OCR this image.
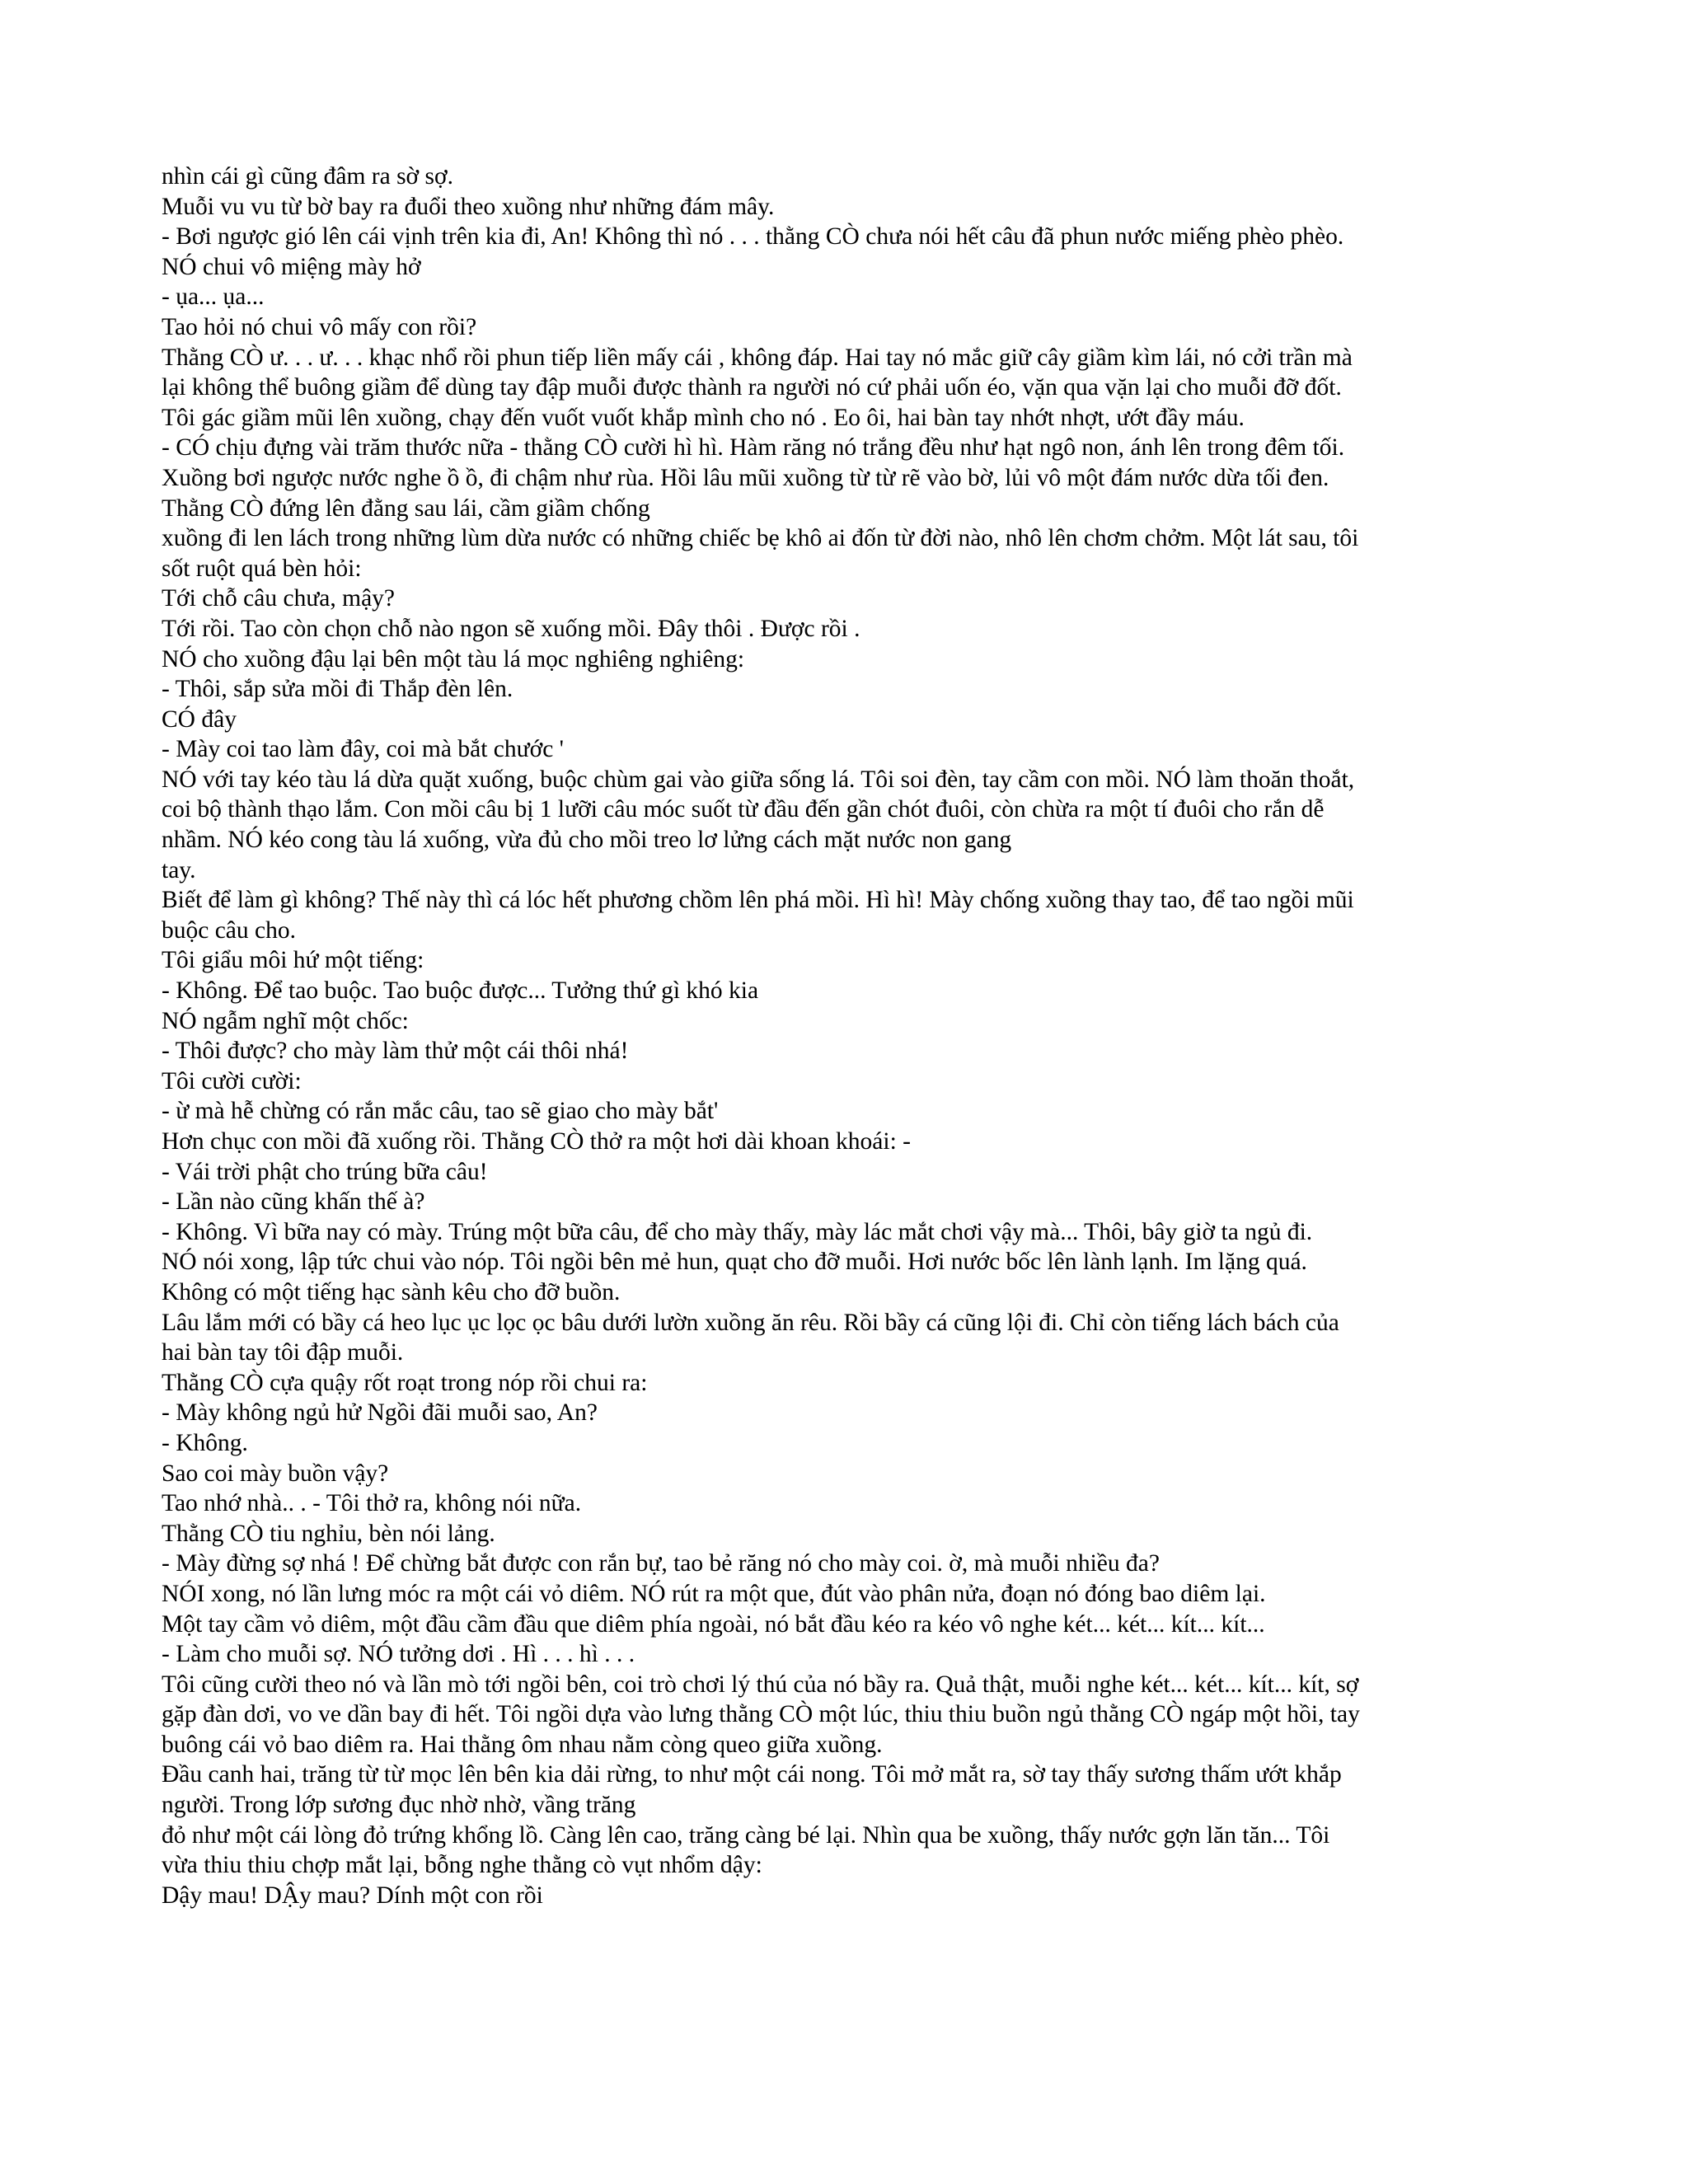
nhìn cái gì cũng đâm ra sờ sợ.
Muỗi vu vu từ bờ bay ra đuổi theo xuồng như những đám mây.
- Bơi ngược gió lên cái vịnh trên kia đi, An! Không thì nó . . . thằng CÒ chưa nói hết câu đã phun nước miếng phèo phèo.
NÓ chui vô miệng mày hở
- ụa... ụa...
Tao hỏi nó chui vô mấy con rồi?
Thằng CÒ ư. . . ư. . . khạc nhổ rồi phun tiếp liền mấy cái , không đáp. Hai tay nó mắc giữ cây giầm kìm lái, nó cởi trần mà
lại không thể buông giầm để dùng tay đập muỗi được thành ra người nó cứ phải uốn éo, vặn qua vặn lại cho muỗi đỡ đốt.
Tôi gác giầm mũi lên xuồng, chạy đến vuốt vuốt khắp mình cho nó . Eo ôi, hai bàn tay nhớt nhợt, ướt đầy máu.
- CÓ chịu đựng vài trăm thước nữa - thằng CÒ cười hì hì. Hàm răng nó trắng đều như hạt ngô non, ánh lên trong đêm tối.
Xuồng bơi ngược nước nghe ồ ồ, đi chậm như rùa. Hồi lâu mũi xuồng từ từ rẽ vào bờ, lủi vô một đám nước dừa tối đen.
Thằng CÒ đứng lên đằng sau lái, cầm giầm chống
xuồng đi len lách trong những lùm dừa nước có những chiếc bẹ khô ai đốn từ đời nào, nhô lên chơm chởm. Một lát sau, tôi
sốt ruột quá bèn hỏi:
Tới chỗ câu chưa, mậy?
Tới rồi. Tao còn chọn chỗ nào ngon sẽ xuống mồi. Đây thôi . Được rồi .
NÓ cho xuồng đậu lại bên một tàu lá mọc nghiêng nghiêng:
- Thôi, sắp sửa mồi đi Thắp đèn lên.
CÓ đây
- Mày coi tao làm đây, coi mà bắt chước '
NÓ với tay kéo tàu lá dừa quặt xuống, buộc chùm gai vào giữa sống lá. Tôi soi đèn, tay cầm con mồi. NÓ làm thoăn thoắt,
coi bộ thành thạo lắm. Con mồi câu bị 1 lưỡi câu móc suốt từ đầu đến gần chót đuôi, còn chừa ra một tí đuôi cho rắn dễ
nhầm. NÓ kéo cong tàu lá xuống, vừa đủ cho mồi treo lơ lửng cách mặt nước non gang
tay.
Biết để làm gì không? Thế này thì cá lóc hết phương chồm lên phá mồi. Hì hì! Mày chống xuồng thay tao, để tao ngồi mũi
buộc câu cho.
Tôi giẩu môi hứ một tiếng:
- Không. Để tao buộc. Tao buộc được... Tưởng thứ gì khó kia
NÓ ngẫm nghĩ một chốc:
- Thôi được? cho mày làm thử một cái thôi nhá!
Tôi cười cười:
- ừ mà hễ chừng có rắn mắc câu, tao sẽ giao cho mày bắt'
Hơn chục con mồi đã xuống rồi. Thằng CÒ thở ra một hơi dài khoan khoái: -
- Vái trời phật cho trúng bữa câu!
- Lần nào cũng khấn thế à?
- Không. Vì bữa nay có mày. Trúng một bữa câu, để cho mày thấy, mày lác mắt chơi vậy mà... Thôi, bây giờ ta ngủ đi.
NÓ nói xong, lập tức chui vào nóp. Tôi ngồi bên mẻ hun, quạt cho đỡ muỗi. Hơi nước bốc lên lành lạnh. Im lặng quá.
Không có một tiếng hạc sành kêu cho đỡ buồn.
Lâu lắm mới có bầy cá heo lục ục lọc ọc bâu dưới lườn xuồng ăn rêu. Rồi bầy cá cũng lội đi. Chỉ còn tiếng lách bách của
hai bàn tay tôi đập muỗi.
Thằng CÒ cựa quậy rốt roạt trong nóp rồi chui ra:
- Mày không ngủ hử Ngồi đãi muỗi sao, An?
- Không.
Sao coi mày buồn vậy?
Tao nhớ nhà.. . - Tôi thở ra, không nói nữa.
Thằng CÒ tiu nghỉu, bèn nói lảng.
- Mày đừng sợ nhá ! Để chừng bắt được con rắn bự, tao bẻ răng nó cho mày coi. ờ, mà muỗi nhiều đa?
NÓI xong, nó lần lưng móc ra một cái vỏ diêm. NÓ rút ra một que, đút vào phân nửa, đoạn nó đóng bao diêm lại.
Một tay cầm vỏ diêm, một đầu cầm đầu que diêm phía ngoài, nó bắt đầu kéo ra kéo vô nghe két... két... kít... kít...
- Làm cho muỗi sợ. NÓ tưởng dơi . Hì . . . hì . . .
Tôi cũng cười theo nó và lần mò tới ngồi bên, coi trò chơi lý thú của nó bầy ra. Quả thật, muỗi nghe két... két... kít... kít, sợ
gặp đàn dơi, vo ve dần bay đi hết. Tôi ngồi dựa vào lưng thằng CÒ một lúc, thiu thiu buồn ngủ thằng CÒ ngáp một hồi, tay
buông cái vỏ bao diêm ra. Hai thằng ôm nhau nằm còng queo giữa xuồng.
Đầu canh hai, trăng từ từ mọc lên bên kia dải rừng, to như một cái nong. Tôi mở mắt ra, sờ tay thấy sương thấm ướt khắp
người. Trong lớp sương đục nhờ nhờ, vầng trăng
đỏ như một cái lòng đỏ trứng khổng lồ. Càng lên cao, trăng càng bé lại. Nhìn qua be xuồng, thấy nước gợn lăn tăn... Tôi
vừa thiu thiu chợp mắt lại, bỗng nghe thằng cò vụt nhổm dậy:
Dậy mau! DẬy mau? Dính một con rồi
